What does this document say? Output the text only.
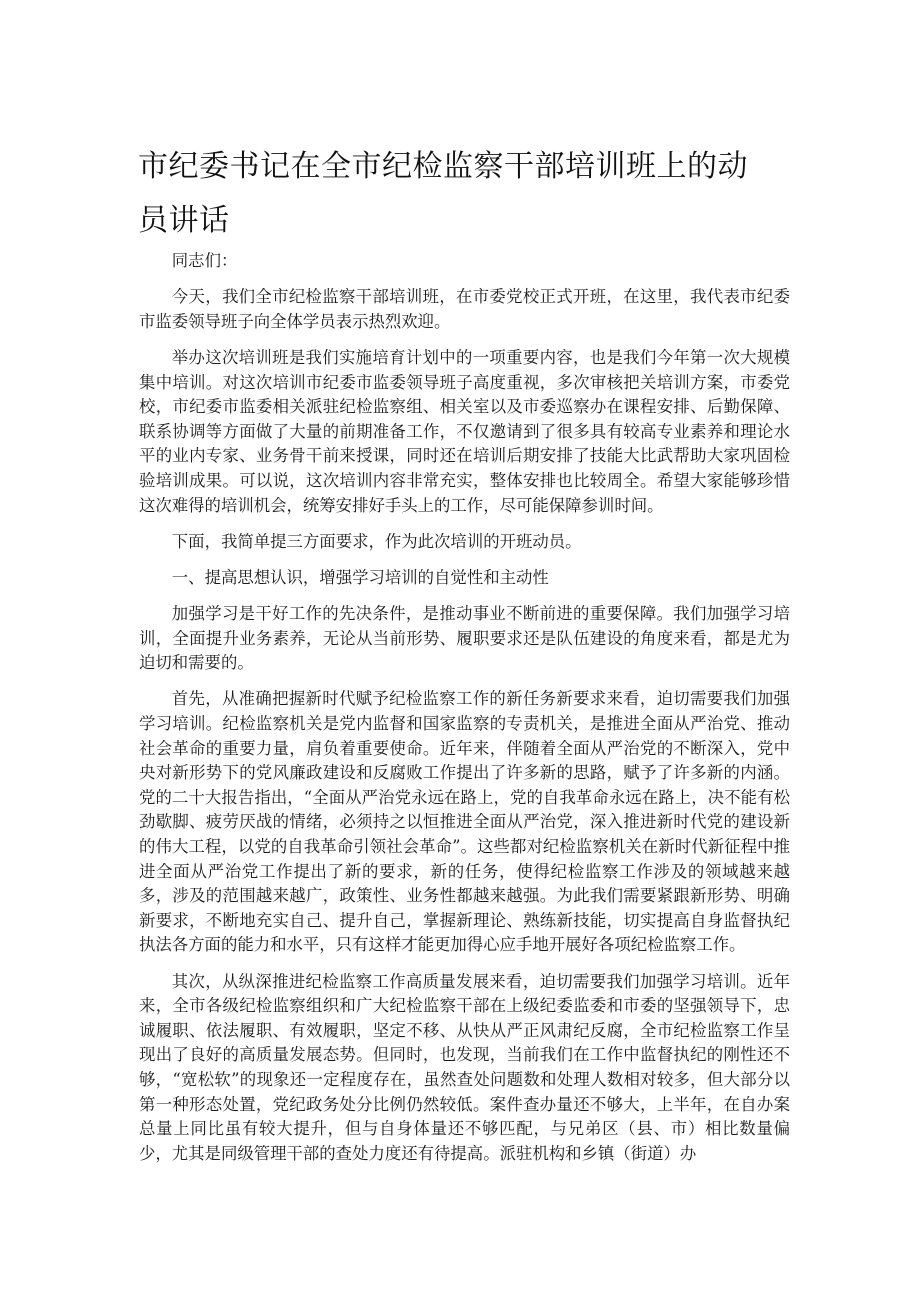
市纪委书记在全市纪检监察干部培训班上的动员讲话

同志们：

今天，我们全市纪检监察干部培训班，在市委党校正式开班，在这里，我代表市纪委市监委领导班子向全体学员表示热烈欢迎。

举办这次培训班是我们实施培育计划中的一项重要内容，也是我们今年第一次大规模集中培训。对这次培训市纪委市监委领导班子高度重视，多次审核把关培训方案，市委党校，市纪委市监委相关派驻纪检监察组、相关室以及市委巡察办在课程安排、后勤保障、联系协调等方面做了大量的前期准备工作，不仅邀请到了很多具有较高专业素养和理论水平的业内专家、业务骨干前来授课，同时还在培训后期安排了技能大比武帮助大家巩固检验培训成果。可以说，这次培训内容非常充实，整体安排也比较周全。希望大家能够珍惜这次难得的培训机会，统筹安排好手头上的工作，尽可能保障参训时间。

下面，我简单提三方面要求，作为此次培训的开班动员。

一、提高思想认识，增强学习培训的自觉性和主动性

加强学习是干好工作的先决条件，是推动事业不断前进的重要保障。我们加强学习培训，全面提升业务素养，无论从当前形势、履职要求还是队伍建设的角度来看，都是尤为迫切和需要的。

首先，从准确把握新时代赋予纪检监察工作的新任务新要求来看，迫切需要我们加强学习培训。纪检监察机关是党内监督和国家监察的专责机关，是推进全面从严治党、推动社会革命的重要力量，肩负着重要使命。近年来，伴随着全面从严治党的不断深入，党中央对新形势下的党风廉政建设和反腐败工作提出了许多新的思路，赋予了许多新的内涵。党的二十大报告指出，“全面从严治党永远在路上，党的自我革命永远在路上，决不能有松劲歇脚、疲劳厌战的情绪，必须持之以恒推进全面从严治党，深入推进新时代党的建设新的伟大工程，以党的自我革命引领社会革命”。这些都对纪检监察机关在新时代新征程中推进全面从严治党工作提出了新的要求，新的任务，使得纪检监察工作涉及的领域越来越多，涉及的范围越来越广，政策性、业务性都越来越强。为此我们需要紧跟新形势、明确新要求，不断地充实自己、提升自己，掌握新理论、熟练新技能，切实提高自身监督执纪执法各方面的能力和水平，只有这样才能更加得心应手地开展好各项纪检监察工作。

其次，从纵深推进纪检监察工作高质量发展来看，迫切需要我们加强学习培训。近年来，全市各级纪检监察组织和广大纪检监察干部在上级纪委监委和市委的坚强领导下，忠诚履职、依法履职、有效履职，坚定不移、从快从严正风肃纪反腐，全市纪检监察工作呈现出了良好的高质量发展态势。但同时，也发现，当前我们在工作中监督执纪的刚性还不够，“宽松软”的现象还一定程度存在，虽然查处问题数和处理人数相对较多，但大部分以第一种形态处置，党纪政务处分比例仍然较低。案件查办量还不够大，上半年，在自办案总量上同比虽有较大提升，但与自身体量还不够匹配，与兄弟区（县、市）相比数量偏少，尤其是同级管理干部的查处力度还有待提高。派驻机构和乡镇（街道）办
